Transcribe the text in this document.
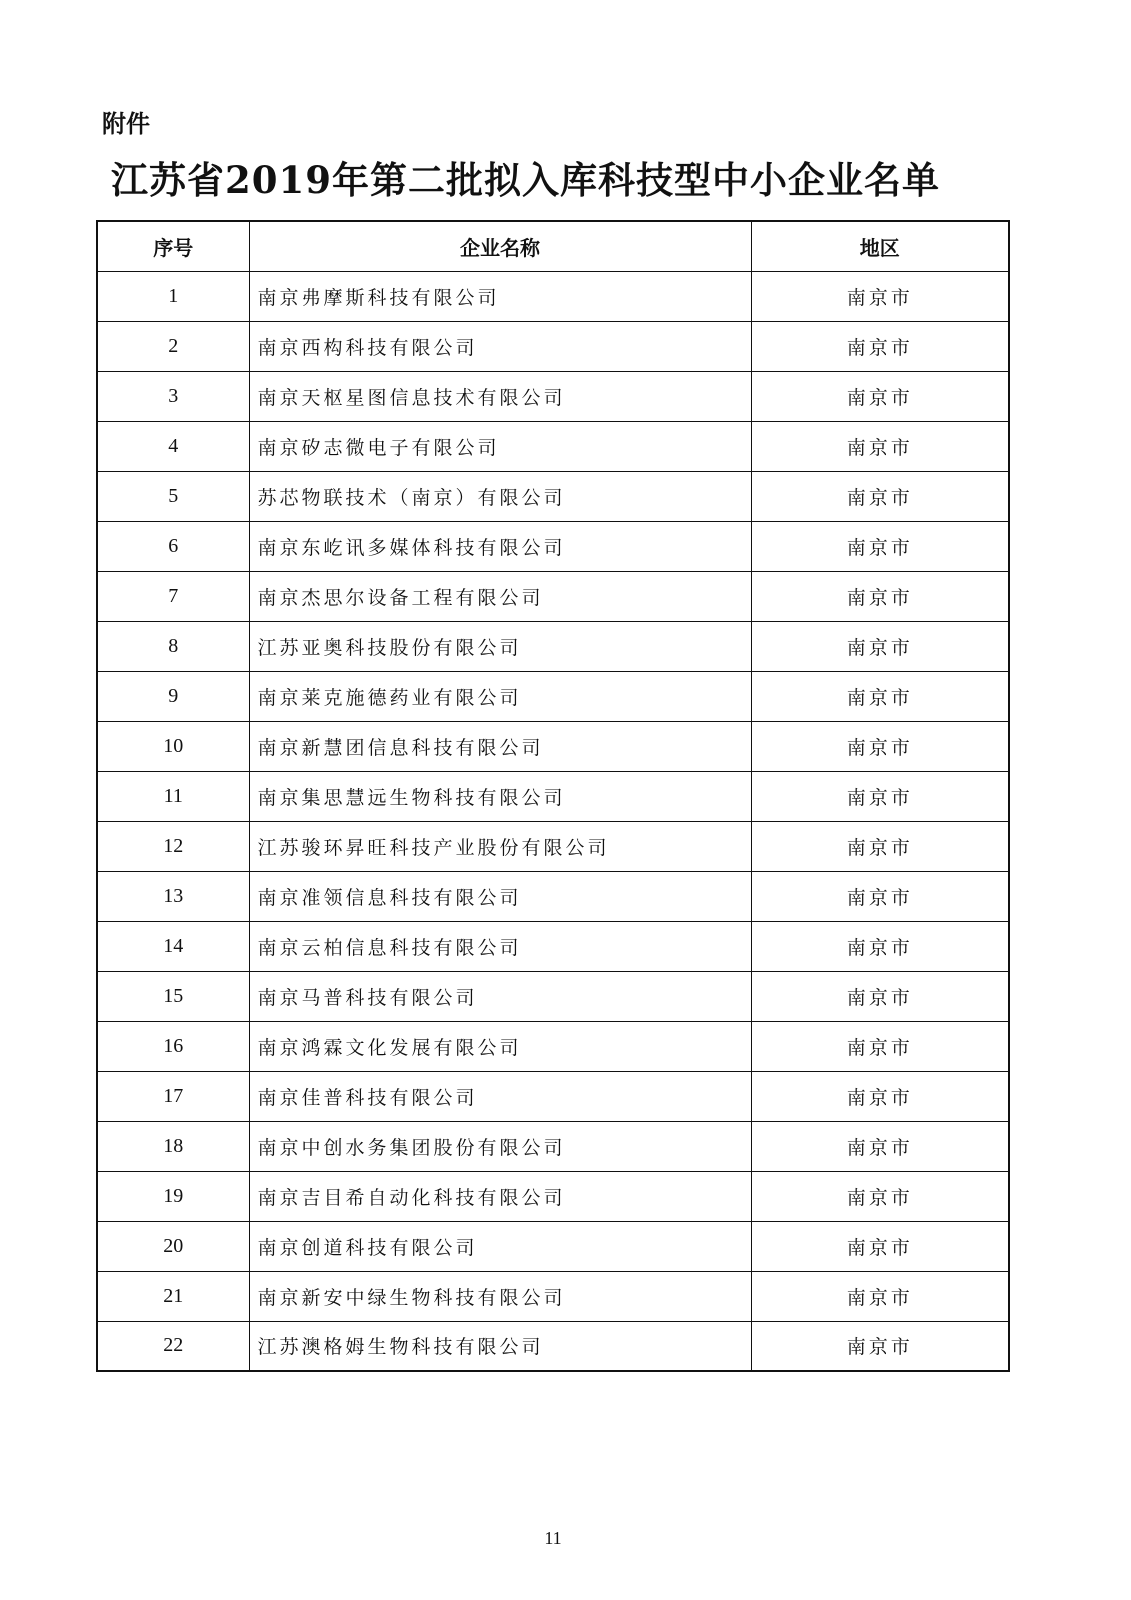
附件

江苏省2019年第二批拟入库科技型中小企业名单
序号	企业名称	地区
1	南京弗摩斯科技有限公司	南京市
2	南京西构科技有限公司	南京市
3	南京天枢星图信息技术有限公司	南京市
4	南京矽志微电子有限公司	南京市
5	苏芯物联技术（南京）有限公司	南京市
6	南京东屹讯多媒体科技有限公司	南京市
7	南京杰思尔设备工程有限公司	南京市
8	江苏亚奥科技股份有限公司	南京市
9	南京莱克施德药业有限公司	南京市
10	南京新慧团信息科技有限公司	南京市
11	南京集思慧远生物科技有限公司	南京市
12	江苏骏环昇旺科技产业股份有限公司	南京市
13	南京准领信息科技有限公司	南京市
14	南京云柏信息科技有限公司	南京市
15	南京马普科技有限公司	南京市
16	南京鸿霖文化发展有限公司	南京市
17	南京佳普科技有限公司	南京市
18	南京中创水务集团股份有限公司	南京市
19	南京吉目希自动化科技有限公司	南京市
20	南京创道科技有限公司	南京市
21	南京新安中绿生物科技有限公司	南京市
22	江苏澳格姆生物科技有限公司	南京市

11
